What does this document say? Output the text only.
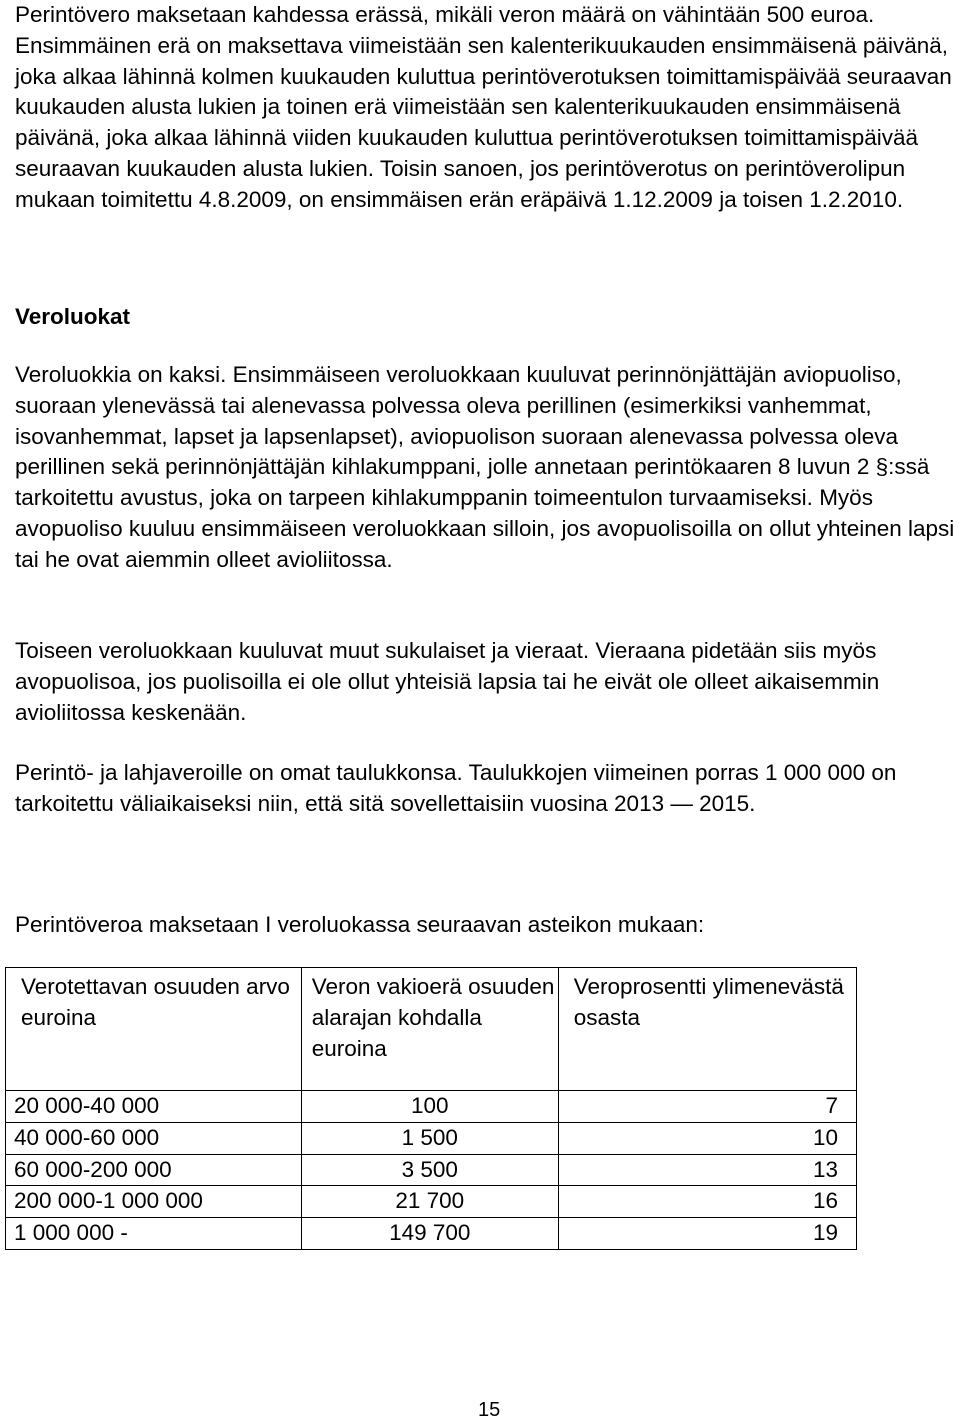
Perintövero maksetaan kahdessa erässä, mikäli veron määrä on vähintään 500 euroa. Ensimmäinen erä on maksettava viimeistään sen kalenterikuukauden ensimmäisenä päivänä, joka alkaa lähinnä kolmen kuukauden kuluttua perintöverotuksen toimittamispäivää seuraavan kuukauden alusta lukien ja toinen erä viimeistään sen kalenterikuukauden ensimmäisenä päivänä, joka alkaa lähinnä viiden kuukauden kuluttua perintöverotuksen toimittamispäivää seuraavan kuukauden alusta lukien. Toisin sanoen, jos perintöverotus on perintöverolipun mukaan toimitettu 4.8.2009, on ensimmäisen erän eräpäivä 1.12.2009 ja toisen 1.2.2010.

Veroluokat

Veroluokkia on kaksi. Ensimmäiseen veroluokkaan kuuluvat perinnönjättäjän aviopuoliso, suoraan ylenevässä tai alenevassa polvessa oleva perillinen (esimerkiksi vanhemmat, isovanhemmat, lapset ja lapsenlapset), aviopuolison suoraan alenevassa polvessa oleva perillinen sekä perinnönjättäjän kihlakumppani, jolle annetaan perintökaaren 8 luvun 2 §:ssä tarkoitettu avustus, joka on tarpeen kihlakumppanin toimeentulon turvaamiseksi. Myös avopuoliso kuuluu ensimmäiseen veroluokkaan silloin, jos avopuolisoilla on ollut yhteinen lapsi tai he ovat aiemmin olleet avioliitossa.

Toiseen veroluokkaan kuuluvat muut sukulaiset ja vieraat. Vieraana pidetään siis myös avopuolisoa, jos puolisoilla ei ole ollut yhteisiä lapsia tai he eivät ole olleet aikaisemmin avioliitossa keskenään.

Perintö- ja lahjaveroille on omat taulukkonsa. Taulukkojen viimeinen porras 1 000 000 on tarkoitettu väliaikaiseksi niin, että sitä sovellettaisiin vuosina 2013 — 2015.

Perintöveroa maksetaan I veroluokassa seuraavan asteikon mukaan:

Verotettavan osuuden arvo euroina	Veron vakioerä osuuden alarajan kohdalla euroina	Veroprosentti ylimenevästä osasta
20 000-40 000	100	7
40 000-60 000	1 500	10
60 000-200 000	3 500	13
200 000-1 000 000	21 700	16
1 000 000 -	149 700	19
15
